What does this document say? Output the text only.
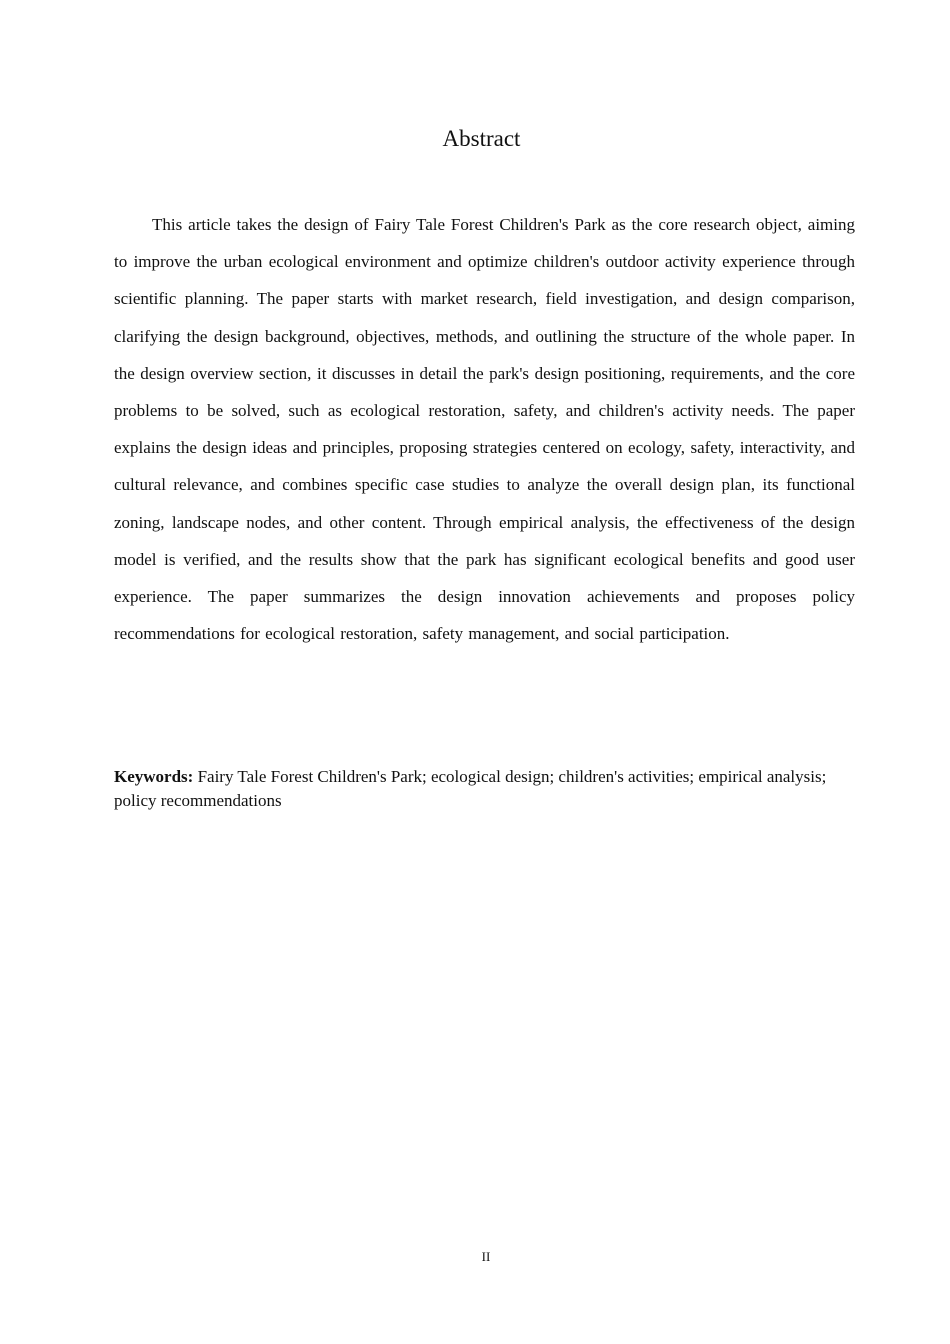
Abstract

This article takes the design of Fairy Tale Forest Children's Park as the core research object, aiming to improve the urban ecological environment and optimize children's outdoor activity experience through scientific planning. The paper starts with market research, field investigation, and design comparison, clarifying the design background, objectives, methods, and outlining the structure of the whole paper. In the design overview section, it discusses in detail the park's design positioning, requirements, and the core problems to be solved, such as ecological restoration, safety, and children's activity needs. The paper explains the design ideas and principles, proposing strategies centered on ecology, safety, interactivity, and cultural relevance, and combines specific case studies to analyze the overall design plan, its functional zoning, landscape nodes, and other content. Through empirical analysis, the effectiveness of the design model is verified, and the results show that the park has significant ecological benefits and good user experience. The paper summarizes the design innovation achievements and proposes policy recommendations for ecological restoration, safety management, and social participation.

Keywords: Fairy Tale Forest Children's Park; ecological design; children's activities; empirical analysis; policy recommendations

II
